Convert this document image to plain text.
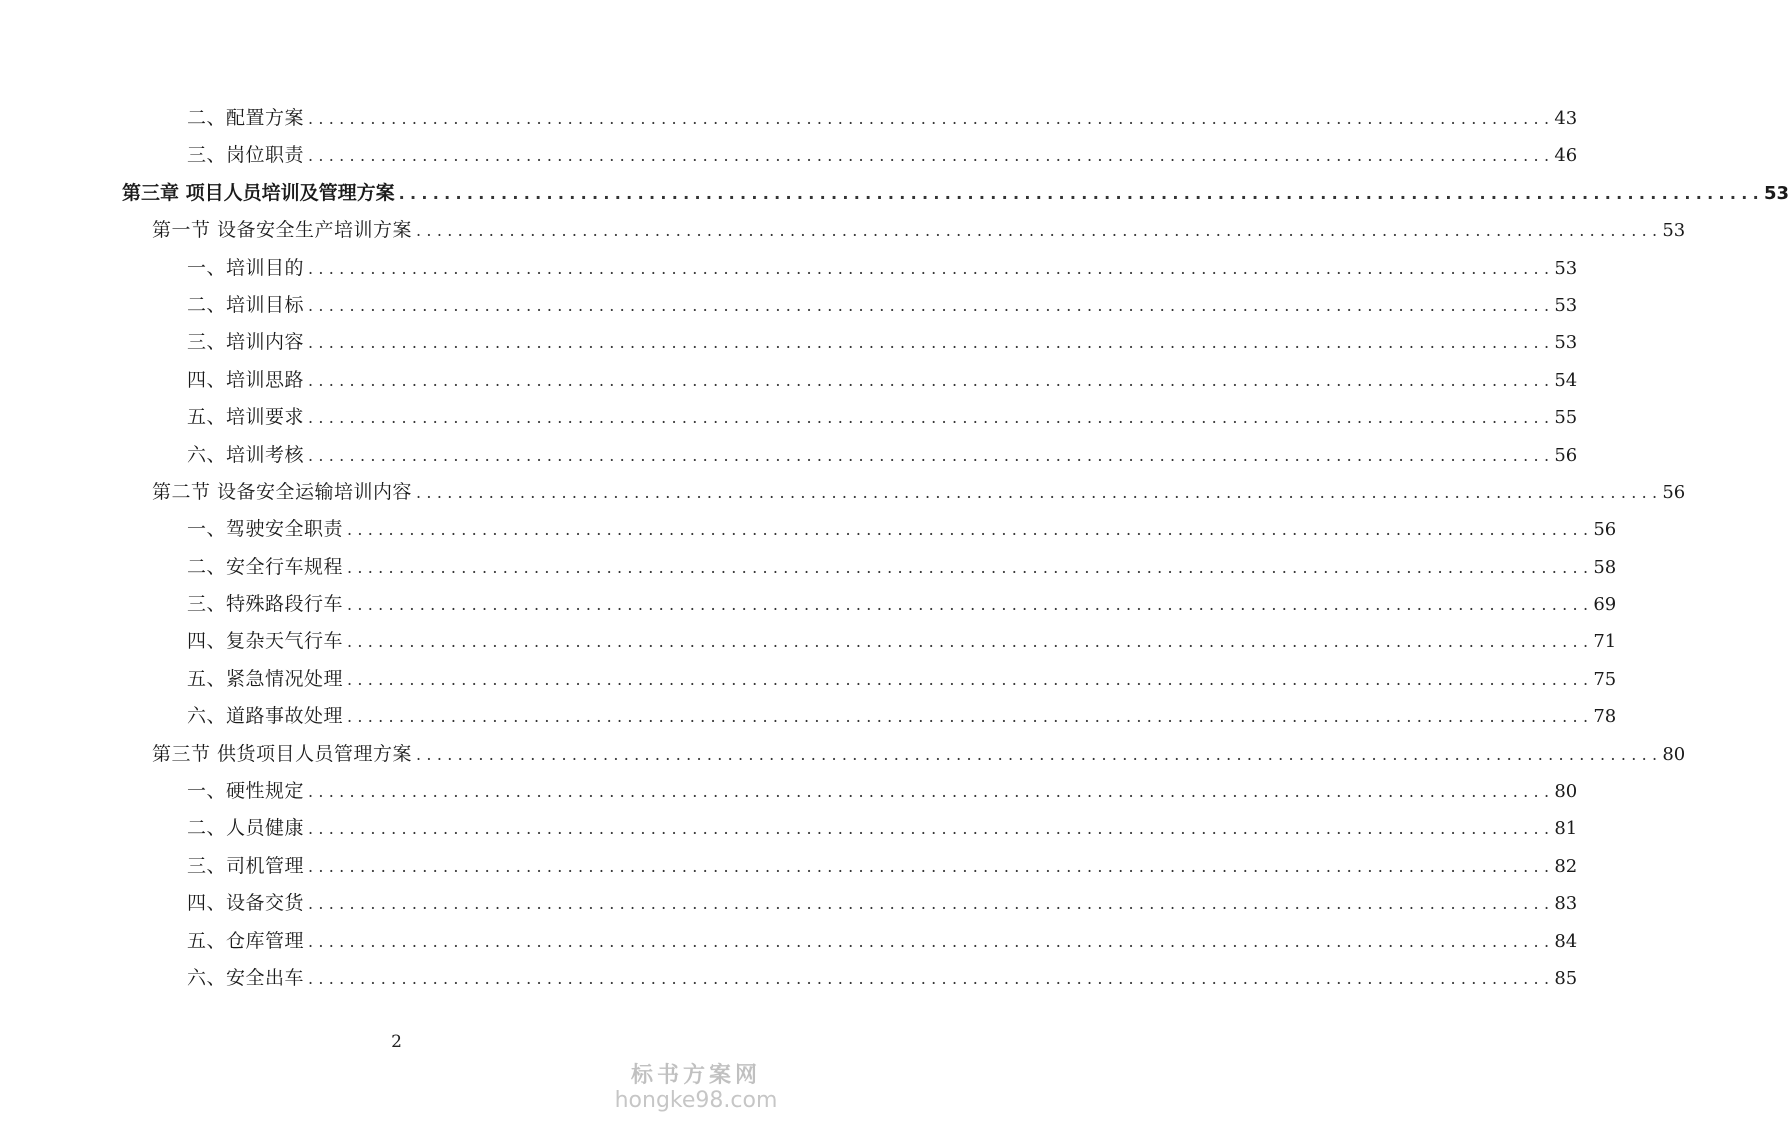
二、配置方案 ........................................................................................................................ 43
三、岗位职责 ........................................................................................................................ 46
第三章 项目人员培训及管理方案 ........................................................................................................................ 53
第一节 设备安全生产培训方案 ........................................................................................................................ 53
一、培训目的 ........................................................................................................................ 53
二、培训目标 ........................................................................................................................ 53
三、培训内容 ........................................................................................................................ 53
四、培训思路 ........................................................................................................................ 54
五、培训要求 ........................................................................................................................ 55
六、培训考核 ........................................................................................................................ 56
第二节 设备安全运输培训内容 ........................................................................................................................ 56
一、驾驶安全职责 ........................................................................................................................ 56
二、安全行车规程 ........................................................................................................................ 58
三、特殊路段行车 ........................................................................................................................ 69
四、复杂天气行车 ........................................................................................................................ 71
五、紧急情况处理 ........................................................................................................................ 75
六、道路事故处理 ........................................................................................................................ 78
第三节 供货项目人员管理方案 ........................................................................................................................ 80
一、硬性规定 ........................................................................................................................ 80
二、人员健康 ........................................................................................................................ 81
三、司机管理 ........................................................................................................................ 82
四、设备交货 ........................................................................................................................ 83
五、仓库管理 ........................................................................................................................ 84
六、安全出车 ........................................................................................................................ 85
2
标书方案网
hongke98.com
